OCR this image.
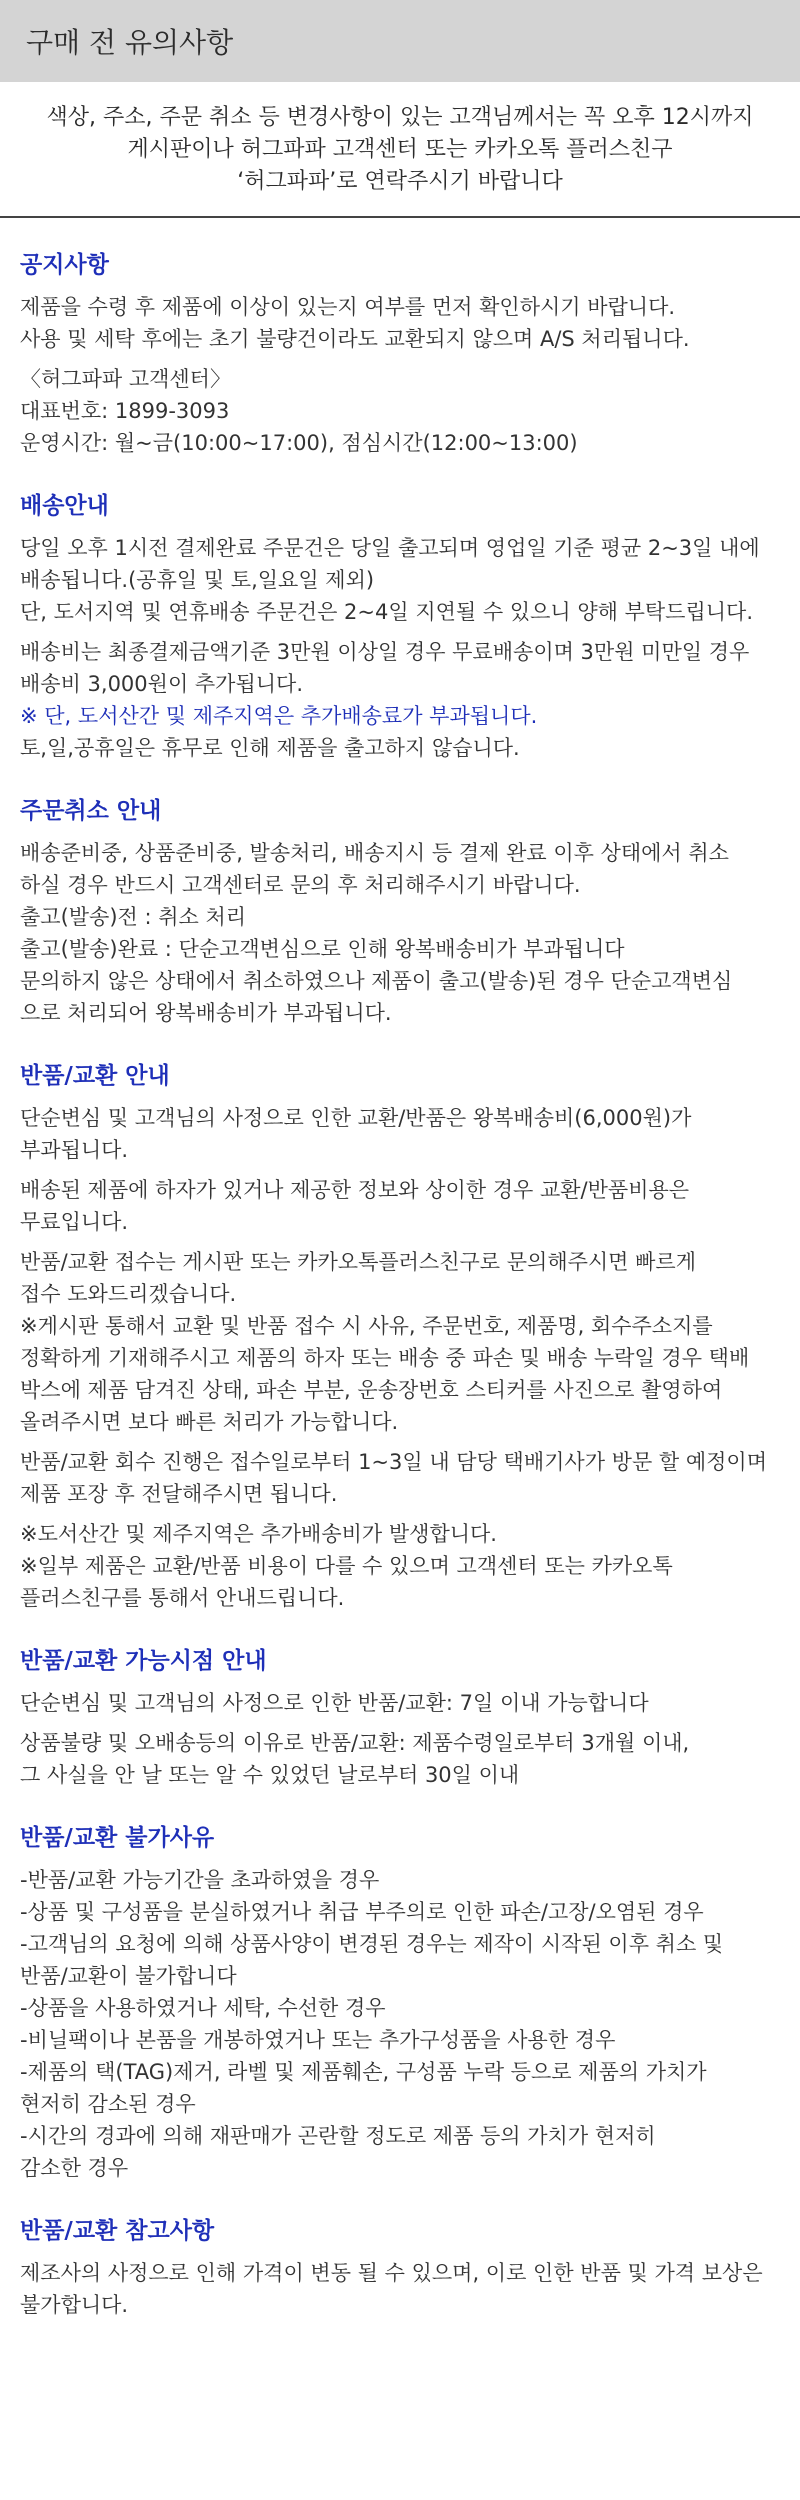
구매 전 유의사항
색상, 주소, 주문 취소 등 변경사항이 있는 고객님께서는 꼭 오후 12시까지
게시판이나 허그파파 고객센터 또는 카카오톡 플러스친구
‘허그파파’로 연락주시기 바랍니다
공지사항
제품을 수령 후 제품에 이상이 있는지 여부를 먼저 확인하시기 바랍니다.
사용 및 세탁 후에는 초기 불량건이라도 교환되지 않으며 A/S 처리됩니다.
〈허그파파 고객센터〉
대표번호: 1899-3093
운영시간: 월~금(10:00~17:00), 점심시간(12:00~13:00)
배송안내
당일 오후 1시전 결제완료 주문건은 당일 출고되며 영업일 기준 평균 2~3일 내에
배송됩니다.(공휴일 및 토,일요일 제외)
단, 도서지역 및 연휴배송 주문건은 2~4일 지연될 수 있으니 양해 부탁드립니다.
배송비는 최종결제금액기준 3만원 이상일 경우 무료배송이며 3만원 미만일 경우
배송비 3,000원이 추가됩니다.
※ 단, 도서산간 및 제주지역은 추가배송료가 부과됩니다.
토,일,공휴일은 휴무로 인해 제품을 출고하지 않습니다.
주문취소 안내
배송준비중, 상품준비중, 발송처리, 배송지시 등 결제 완료 이후 상태에서 취소
하실 경우 반드시 고객센터로 문의 후 처리해주시기 바랍니다.
출고(발송)전 : 취소 처리
출고(발송)완료 : 단순고객변심으로 인해 왕복배송비가 부과됩니다
문의하지 않은 상태에서 취소하였으나 제품이 출고(발송)된 경우 단순고객변심
으로 처리되어 왕복배송비가 부과됩니다.
반품/교환 안내
단순변심 및 고객님의 사정으로 인한 교환/반품은 왕복배송비(6,000원)가
부과됩니다.
배송된 제품에 하자가 있거나 제공한 정보와 상이한 경우 교환/반품비용은
무료입니다.
반품/교환 접수는 게시판 또는 카카오톡플러스친구로 문의해주시면 빠르게
접수 도와드리겠습니다.
※게시판 통해서 교환 및 반품 접수 시 사유, 주문번호, 제품명, 회수주소지를
정확하게 기재해주시고 제품의 하자 또는 배송 중 파손 및 배송 누락일 경우 택배
박스에 제품 담겨진 상태, 파손 부분, 운송장번호 스티커를 사진으로 촬영하여
올려주시면 보다 빠른 처리가 가능합니다.
반품/교환 회수 진행은 접수일로부터 1~3일 내 담당 택배기사가 방문 할 예정이며
제품 포장 후 전달해주시면 됩니다.
※도서산간 및 제주지역은 추가배송비가 발생합니다.
※일부 제품은 교환/반품 비용이 다를 수 있으며 고객센터 또는 카카오톡
플러스친구를 통해서 안내드립니다.
반품/교환 가능시점 안내
단순변심 및 고객님의 사정으로 인한 반품/교환: 7일 이내 가능합니다
상품불량 및 오배송등의 이유로 반품/교환: 제품수령일로부터 3개월 이내,
그 사실을 안 날 또는 알 수 있었던 날로부터 30일 이내
반품/교환 불가사유
-반품/교환 가능기간을 초과하였을 경우
-상품 및 구성품을 분실하였거나 취급 부주의로 인한 파손/고장/오염된 경우
-고객님의 요청에 의해 상품사양이 변경된 경우는 제작이 시작된 이후 취소 및
반품/교환이 불가합니다
-상품을 사용하였거나 세탁, 수선한 경우
-비닐팩이나 본품을 개봉하였거나 또는 추가구성품을 사용한 경우
-제품의 택(TAG)제거, 라벨 및 제품훼손, 구성품 누락 등으로 제품의 가치가
현저히 감소된 경우
-시간의 경과에 의해 재판매가 곤란할 정도로 제품 등의 가치가 현저히
감소한 경우
반품/교환 참고사항
제조사의 사정으로 인해 가격이 변동 될 수 있으며, 이로 인한 반품 및 가격 보상은
불가합니다.
